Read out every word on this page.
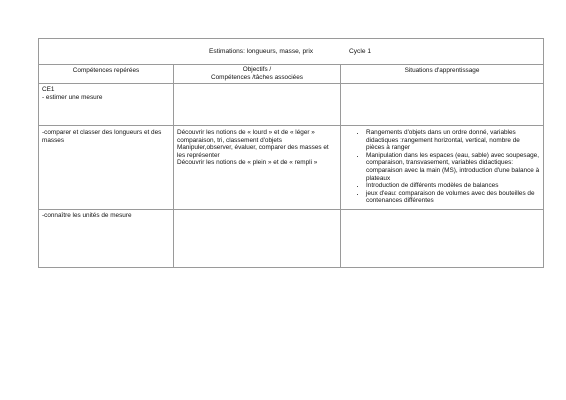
Estimations: longueurs, masse, prix	Cycle 1
Compétences repérées	Objectifs /
Compétences /tâches associées
Situations d'apprentissage
CE1
- estimer une mesure
-comparer et classer des longueurs et des masses
Découvrir les notions de « lourd » et de « léger » comparaison, tri, classement d'objets
Manipuler,observer, évaluer, comparer des masses et les représenter
Découvrir les notions de « plein » et de « rempli »
• Rangements d'objets dans un ordre donné, variables didactiques :rangement horizontal, vertical, nombre de pièces à ranger
• Manipulation dans les espaces (eau, sable) avec soupesage, comparaison, transvasement, variables didactiques: comparaison avec la main (MS), introduction d'une balance à plateaux
• Introduction de différents modèles de balances
• jeux d'eau: comparaison de volumes avec des bouteilles de contenances différentes
-connaître les unités de mesure
